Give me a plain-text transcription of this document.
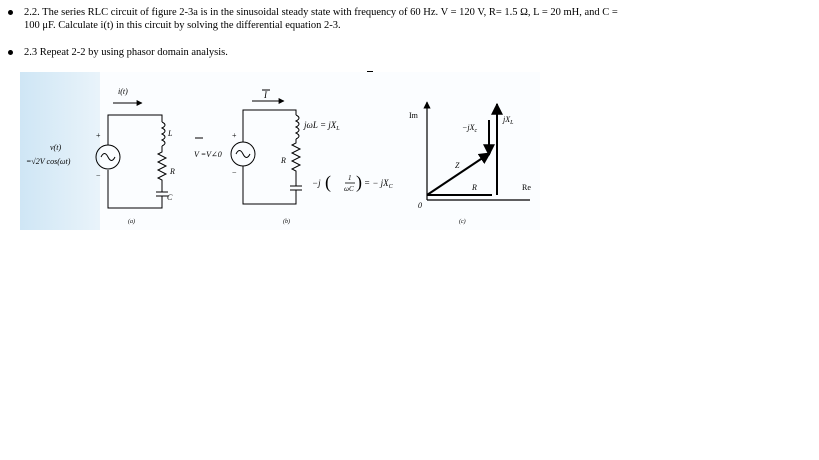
2.2. The series RLC circuit of figure 2-3a is in the sinusoidal steady state with frequency of 60 Hz. V = 120 V, R= 1.5 Ω, L = 20 mH, and C =
100 μF. Calculate i(t) in this circuit by solving the differential equation 2-3.
2.3 Repeat 2-2 by using phasor domain analysis.
i(t)
+
−
L
R
C
v(t)
=√2V cos(ωt)
(a)
I
+
−
V =V∠0
$j\omega L = jX_L$
R
−j ( 1
ωC ) = − $jX_C$
(b)
Im
Re
$-jX_c$
$jX_L$
Z
R
0
(c)
